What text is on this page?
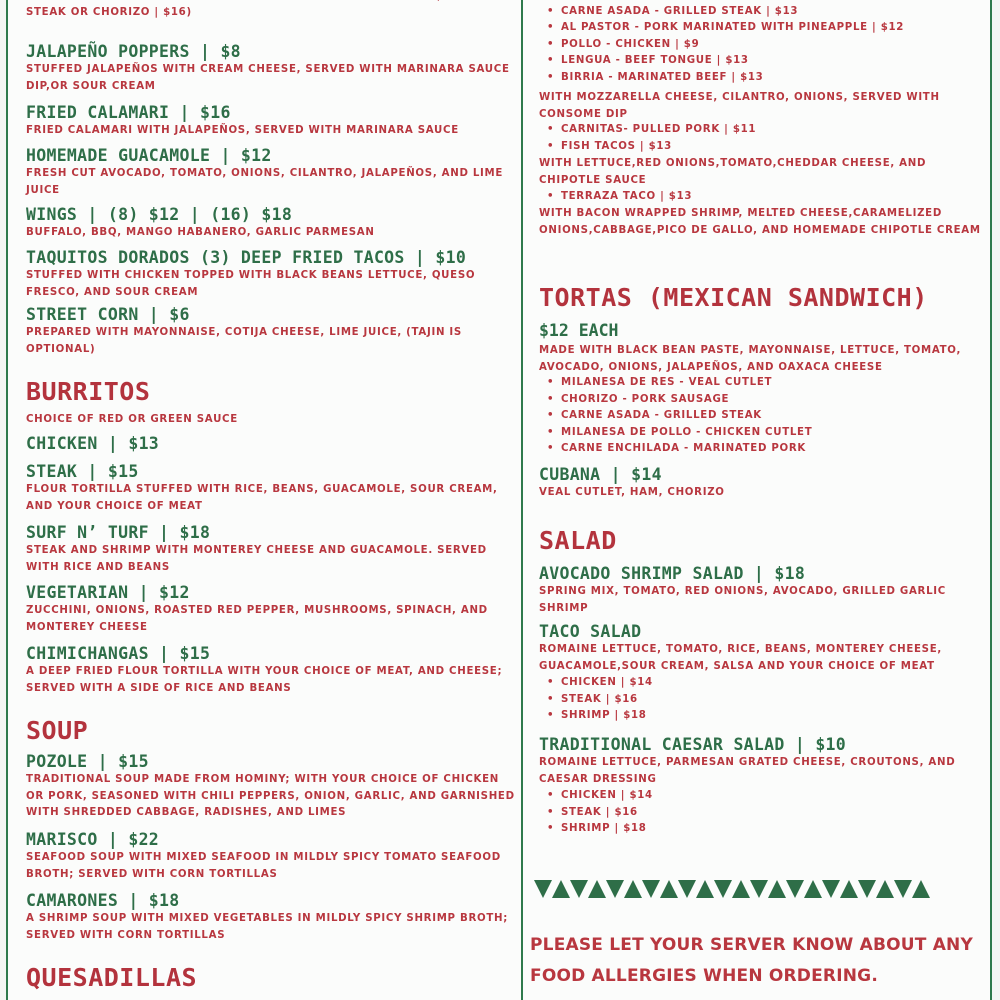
STEAK OR CHORIZO | $16)
JALAPEÑO POPPERS | $8
STUFFED JALAPEÑOS WITH CREAM CHEESE, SERVED WITH MARINARA SAUCE DIP,OR SOUR CREAM
FRIED CALAMARI | $16
FRIED CALAMARI WITH JALAPEÑOS, SERVED WITH MARINARA SAUCE
HOMEMADE GUACAMOLE | $12
FRESH CUT AVOCADO, TOMATO, ONIONS, CILANTRO, JALAPEÑOS, AND LIME JUICE
WINGS | (8) $12 | (16) $18
BUFFALO, BBQ, MANGO HABANERO, GARLIC PARMESAN
TAQUITOS DORADOS (3) DEEP FRIED TACOS | $10
STUFFED WITH CHICKEN TOPPED WITH BLACK BEANS LETTUCE, QUESO FRESCO, AND SOUR CREAM
STREET CORN | $6
PREPARED WITH MAYONNAISE, COTIJA CHEESE, LIME JUICE, (TAJIN IS OPTIONAL)
BURRITOS
CHOICE OF RED OR GREEN SAUCE
CHICKEN | $13
STEAK | $15
FLOUR TORTILLA STUFFED WITH RICE, BEANS, GUACAMOLE, SOUR CREAM, AND YOUR CHOICE OF MEAT
SURF N’ TURF | $18
STEAK AND SHRIMP WITH MONTEREY CHEESE AND GUACAMOLE. SERVED WITH RICE AND BEANS
VEGETARIAN | $12
ZUCCHINI, ONIONS, ROASTED RED PEPPER, MUSHROOMS, SPINACH, AND MONTEREY CHEESE
CHIMICHANGAS | $15
A DEEP FRIED FLOUR TORTILLA WITH YOUR CHOICE OF MEAT, AND CHEESE; SERVED WITH A SIDE OF RICE AND BEANS
SOUP
POZOLE | $15
TRADITIONAL SOUP MADE FROM HOMINY; WITH YOUR CHOICE OF CHICKEN OR PORK, SEASONED WITH CHILI PEPPERS, ONION, GARLIC, AND GARNISHED WITH SHREDDED CABBAGE, RADISHES, AND LIMES
MARISCO | $22
SEAFOOD SOUP WITH MIXED SEAFOOD IN MILDLY SPICY TOMATO SEAFOOD BROTH; SERVED WITH CORN TORTILLAS
CAMARONES | $18
A SHRIMP SOUP WITH MIXED VEGETABLES IN MILDLY SPICY SHRIMP BROTH; SERVED WITH CORN TORTILLAS
QUESADILLAS
•
• CARNE ASADA - GRILLED STEAK | $13
• AL PASTOR - PORK MARINATED WITH PINEAPPLE | $12
• POLLO - CHICKEN | $9
• LENGUA - BEEF TONGUE | $13
• BIRRIA - MARINATED BEEF | $13
WITH MOZZARELLA CHEESE, CILANTRO, ONIONS, SERVED WITH CONSOME DIP
• CARNITAS- PULLED PORK | $11
• FISH TACOS | $13
WITH LETTUCE,RED ONIONS,TOMATO,CHEDDAR CHEESE, AND CHIPOTLE SAUCE
• TERRAZA TACO | $13
WITH BACON WRAPPED SHRIMP, MELTED CHEESE,CARAMELIZED ONIONS,CABBAGE,PICO DE GALLO, AND HOMEMADE CHIPOTLE CREAM
TORTAS (MEXICAN SANDWICH)
$12 EACH
MADE WITH BLACK BEAN PASTE, MAYONNAISE, LETTUCE, TOMATO, AVOCADO, ONIONS, JALAPEÑOS, AND OAXACA CHEESE
• MILANESA DE RES - VEAL CUTLET
• CHORIZO - PORK SAUSAGE
• CARNE ASADA - GRILLED STEAK
• MILANESA DE POLLO - CHICKEN CUTLET
• CARNE ENCHILADA - MARINATED PORK
CUBANA | $14
VEAL CUTLET, HAM, CHORIZO
SALAD
AVOCADO SHRIMP SALAD | $18
SPRING MIX, TOMATO, RED ONIONS, AVOCADO, GRILLED GARLIC SHRIMP
TACO SALAD
ROMAINE LETTUCE, TOMATO, RICE, BEANS, MONTEREY CHEESE, GUACAMOLE,SOUR CREAM, SALSA AND YOUR CHOICE OF MEAT
• CHICKEN | $14
• STEAK | $16
• SHRIMP | $18
TRADITIONAL CAESAR SALAD | $10
ROMAINE LETTUCE, PARMESAN GRATED CHEESE, CROUTONS, AND CAESAR DRESSING
• CHICKEN | $14
• STEAK | $16
• SHRIMP | $18
PLEASE LET YOUR SERVER KNOW ABOUT ANY FOOD ALLERGIES WHEN ORDERING.
